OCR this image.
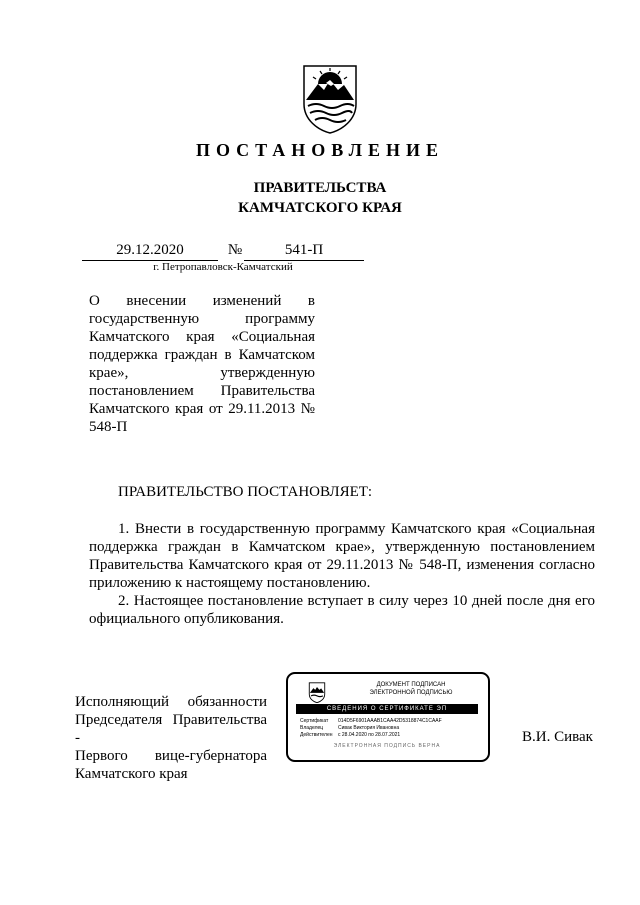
ПОСТАНОВЛЕНИЕ
ПРАВИТЕЛЬСТВА
КАМЧАТСКОГО КРАЯ
29.12.2020	№	541-П
г. Петропавловск-Камчатский
О внесении изменений в государственную программу Камчатского края «Социальная поддержка граждан в Камчатском крае», утвержденную постановлением Правительства Камчатского края от 29.11.2013 № 548-П
ПРАВИТЕЛЬСТВО ПОСТАНОВЛЯЕТ:

1. Внести в государственную программу Камчатского края «Социальная поддержка граждан в Камчатском крае», утвержденную постановлением Правительства Камчатского края от 29.11.2013 № 548-П, изменения согласно приложению к настоящему постановлению.

2. Настоящее постановление вступает в силу через 10 дней после дня его официального опубликования.

Исполняющий обязанности
Председателя Правительства -
Первого вице-губернатора
Камчатского края
ДОКУМЕНТ ПОДПИСАН
ЭЛЕКТРОННОЙ ПОДПИСЬЮ
СВЕДЕНИЯ О СЕРТИФИКАТЕ ЭП
Сертификат 014D5F6901AAAB1CAA42D5318874C1CAAF
Владелец	Сивак Виктория Ивановна
Действителен с 28.04.2020 по 28.07.2021
ЭЛЕКТРОННАЯ ПОДПИСЬ ВЕРНА
В.И. Сивак
